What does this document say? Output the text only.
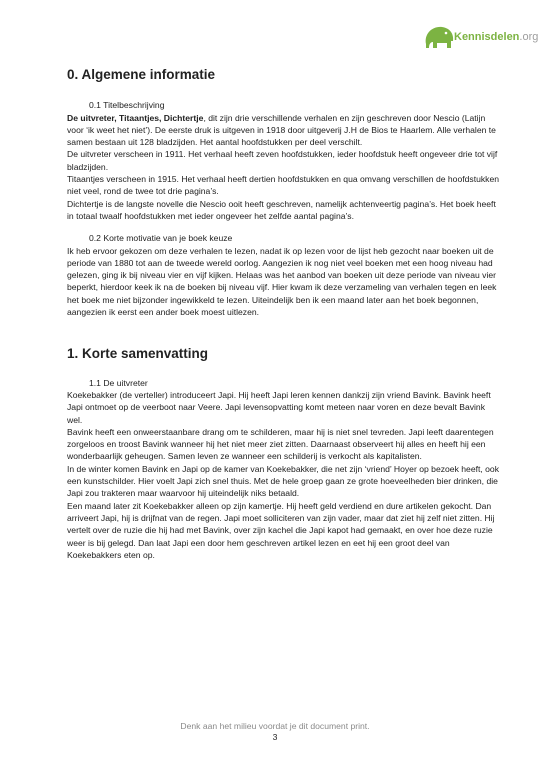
Kennisdelen.org
0. Algemene informatie

0.1 Titelbeschrijving

De uitvreter, Titaantjes, Dichtertje, dit zijn drie verschillende verhalen en zijn geschreven door Nescio (Latijn voor ‘ik weet het niet’). De eerste druk is uitgeven in 1918 door uitgeverij J.H de Bios te Haarlem. Alle verhalen te samen bestaan uit 128 bladzijden. Het aantal hoofdstukken per deel verschilt.

De uitvreter verscheen in 1911. Het verhaal heeft zeven hoofdstukken, ieder hoofdstuk heeft ongeveer drie tot vijf bladzijden.

Titaantjes verscheen in 1915. Het verhaal heeft dertien hoofdstukken en qua omvang verschillen de hoofdstukken niet veel, rond de twee tot drie pagina’s.

Dichtertje is de langste novelle die Nescio ooit heeft geschreven, namelijk achtenveertig pagina’s. Het boek heeft in totaal twaalf hoofdstukken met ieder ongeveer het zelfde aantal pagina’s.

0.2 Korte motivatie van je boek keuze

Ik heb ervoor gekozen om deze verhalen te lezen, nadat ik op lezen voor de lijst heb gezocht naar boeken uit de periode van 1880 tot aan de tweede wereld oorlog. Aangezien ik nog niet veel boeken met een hoog niveau had gelezen, ging ik bij niveau vier en vijf kijken. Helaas was het aanbod van boeken uit deze periode van niveau vier beperkt, hierdoor keek ik na de boeken bij niveau vijf. Hier kwam ik deze verzameling van verhalen tegen en leek het boek me niet bijzonder ingewikkeld te lezen. Uiteindelijk ben ik een maand later aan het boek begonnen, aangezien ik eerst een ander boek moest uitlezen.

1. Korte samenvatting

1.1 De uitvreter

Koekebakker (de verteller) introduceert Japi. Hij heeft Japi leren kennen dankzij zijn vriend Bavink. Bavink heeft Japi ontmoet op de veerboot naar Veere. Japi levensopvatting komt meteen naar voren en deze bevalt Bavink wel.

Bavink heeft een onweerstaanbare drang om te schilderen, maar hij is niet snel tevreden. Japi leeft daarentegen zorgeloos en troost Bavink wanneer hij het niet meer ziet zitten. Daarnaast observeert hij alles en heeft hij een wonderbaarlijk geheugen. Samen leven ze wanneer een schilderij is verkocht als kapitalisten.

In de winter komen Bavink en Japi op de kamer van Koekebakker, die net zijn ‘vriend’ Hoyer op bezoek heeft, ook een kunstschilder. Hier voelt Japi zich snel thuis. Met de hele groep gaan ze grote hoeveelheden bier drinken, die Japi zou trakteren maar waarvoor hij uiteindelijk niks betaald.

Een maand later zit Koekebakker alleen op zijn kamertje. Hij heeft geld verdiend en dure artikelen gekocht. Dan arriveert Japi, hij is drijfnat van de regen. Japi moet solliciteren van zijn vader, maar dat ziet hij zelf niet zitten. Hij vertelt over de ruzie die hij had met Bavink, over zijn kachel die Japi kapot had gemaakt, en over hoe deze ruzie weer is bij gelegd. Dan laat Japi een door hem geschreven artikel lezen en eet hij een groot deel van Koekebakkers eten op.

Denk aan het milieu voordat je dit document print.
3
